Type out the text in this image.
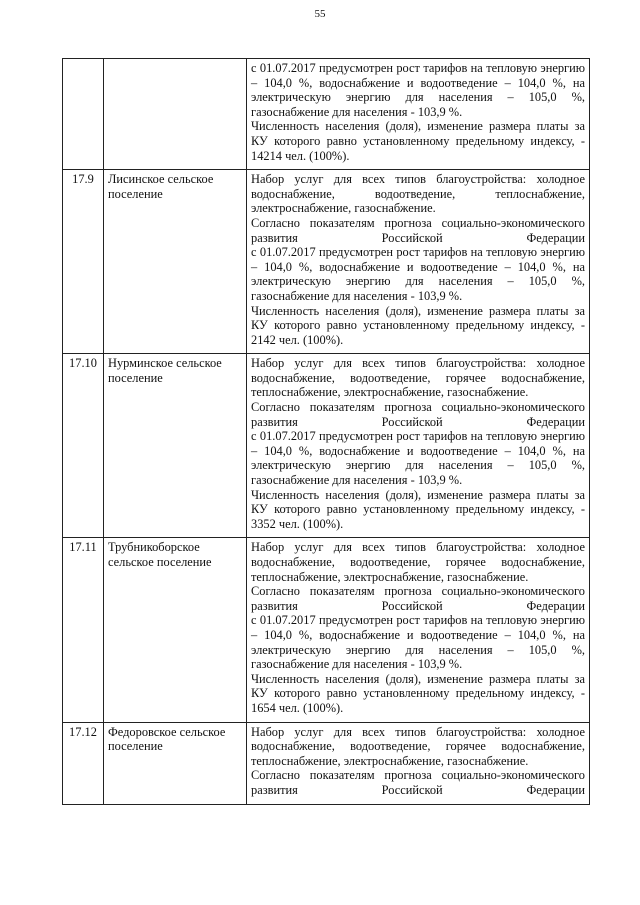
55

		с 01.07.2017 предусмотрен рост тарифов на тепловую энергию – 104,0 %, водоснабжение и водоотведение – 104,0 %, на электрическую энергию для населения – 105,0 %, газоснабжение для населения - 103,9 %.
Численность населения (доля), изменение размера платы за КУ которого равно установленному предельному индексу, - 14214 чел. (100%).

17.9	Лисинское сельское поселение	Набор услуг для всех типов благоустройства: холодное водоснабжение, водоотведение, теплоснабжение, электроснабжение, газоснабжение.
Согласно показателям прогноза социально-экономического
развития Российской Федерации
с 01.07.2017 предусмотрен рост тарифов на тепловую энергию – 104,0 %, водоснабжение и водоотведение – 104,0 %, на электрическую энергию для населения – 105,0 %, газоснабжение для населения - 103,9 %.
Численность населения (доля), изменение размера платы за КУ которого равно установленному предельному индексу, - 2142 чел. (100%).

17.10	Нурминское сельское поселение	Набор услуг для всех типов благоустройства: холодное водоснабжение, водоотведение, горячее водоснабжение, теплоснабжение, электроснабжение, газоснабжение.
Согласно показателям прогноза социально-экономического
развития Российской Федерации
с 01.07.2017 предусмотрен рост тарифов на тепловую энергию – 104,0 %, водоснабжение и водоотведение – 104,0 %, на электрическую энергию для населения – 105,0 %, газоснабжение для населения - 103,9 %.
Численность населения (доля), изменение размера платы за КУ которого равно установленному предельному индексу, - 3352 чел. (100%).

17.11	Трубникоборское сельское поселение	Набор услуг для всех типов благоустройства: холодное водоснабжение, водоотведение, горячее водоснабжение, теплоснабжение, электроснабжение, газоснабжение.
Согласно показателям прогноза социально-экономического
развития Российской Федерации
с 01.07.2017 предусмотрен рост тарифов на тепловую энергию – 104,0 %, водоснабжение и водоотведение – 104,0 %, на электрическую энергию для населения – 105,0 %, газоснабжение для населения - 103,9 %.
Численность населения (доля), изменение размера платы за КУ которого равно установленному предельному индексу, - 1654 чел. (100%).

17.12	Федоровское сельское поселение	Набор услуг для всех типов благоустройства: холодное водоснабжение, водоотведение, горячее водоснабжение, теплоснабжение, электроснабжение, газоснабжение.
Согласно показателям прогноза социально-экономического
развития Российской Федерации
